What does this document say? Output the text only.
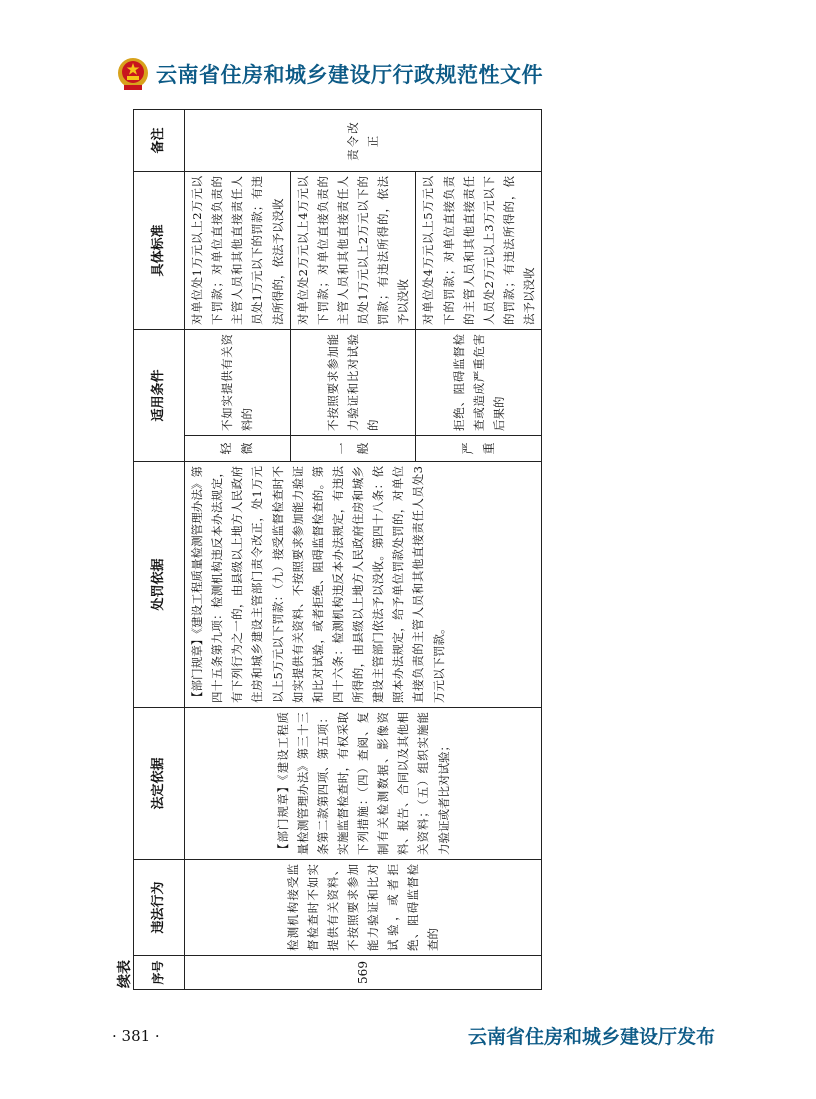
云南省住房和城乡建设厅行政规范性文件
续表 序号	违法行为	法定依据	处罚依据	适用条件		具体标准	备注
569	检测机构接受监督检查时不如实提供有关资料、不按照要求参加能力验证和比对试验，或者拒绝、阻碍监督检查的	【部门规章】《建设工程质量检测管理办法》第三十三条第二款第四项、第五项：实施监督检查时，有权采取下列措施：（四）查阅、复制有关检测数据、影像资料、报告、合同以及其他相关资料；（五）组织实施能力验证或者比对试验；	【部门规章】《建设工程质量检测管理办法》第四十五条第九项：检测机构违反本办法规定，有下列行为之一的，由县级以上地方人民政府住房和城乡建设主管部门责令改正，处1万元以上5万元以下罚款：（九）接受监督检查时不如实提供有关资料、不按照要求参加能力验证和比对试验，或者拒绝、阻碍监督检查的。第四十六条：检测机构违反本办法规定，有违法所得的，由县级以上地方人民政府住房和城乡建设主管部门依法予以没收。第四十八条：依照本办法规定，给予单位罚款处罚的，对单位直接负责的主管人员和其他直接责任人员处3万元以下罚款。	轻微	不如实提供有关资料的	对单位处1万元以上2万元以下罚款；对单位直接负责的主管人员和其他直接责任人员处1万元以下的罚款；有违法所得的，依法予以没收	责令改正
				一般	不按照要求参加能力验证和比对试验的	对单位处2万元以上4万元以下罚款；对单位直接负责的主管人员和其他直接责任人员处1万元以上2万元以下的罚款；有违法所得的，依法予以没收	
				严重	拒绝、阻碍监督检查或造成严重危害后果的	对单位处4万元以上5万元以下的罚款；对单位直接负责的主管人员和其他直接责任人员处2万元以上3万元以下的罚款；有违法所得的，依法予以没收	
· 381 ·	云南省住房和城乡建设厅发布
